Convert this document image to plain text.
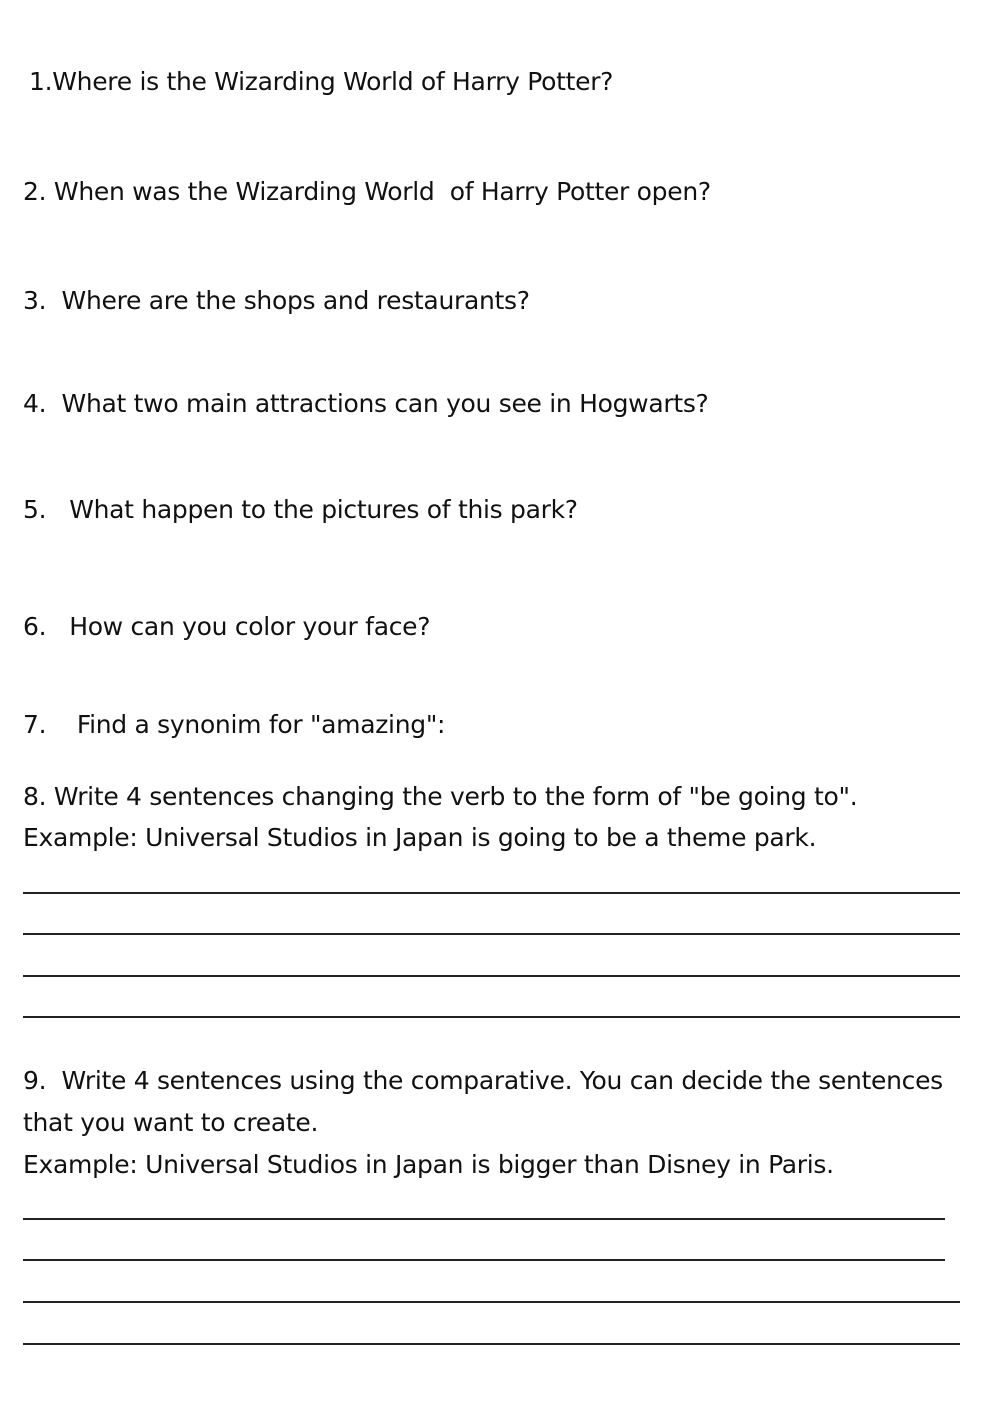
1.Where is the Wizarding World of Harry Potter?
2. When was the Wizarding World  of Harry Potter open?
3.  Where are the shops and restaurants?
4.  What two main attractions can you see in Hogwarts?
5.   What happen to the pictures of this park?
6.   How can you color your face?
7.    Find a synonim for "amazing":
8. Write 4 sentences changing the verb to the form of "be going to".
Example: Universal Studios in Japan is going to be a theme park.
9.  Write 4 sentences using the comparative. You can decide the sentences
that you want to create.
Example: Universal Studios in Japan is bigger than Disney in Paris.
